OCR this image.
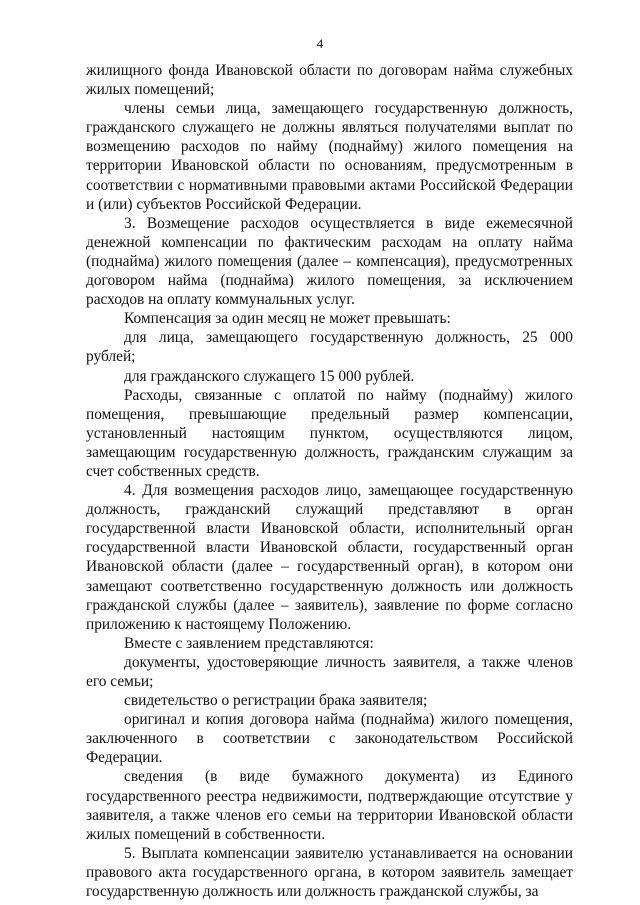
4

жилищного фонда Ивановской области по договорам найма служебных жилых помещений;

члены семьи лица, замещающего государственную должность, гражданского служащего не должны являться получателями выплат по возмещению расходов по найму (поднайму) жилого помещения на территории Ивановской области по основаниям, предусмотренным в соответствии с нормативными правовыми актами Российской Федерации и (или) субъектов Российской Федерации.

3. Возмещение расходов осуществляется в виде ежемесячной денежной компенсации по фактическим расходам на оплату найма (поднайма) жилого помещения (далее – компенсация), предусмотренных договором найма (поднайма) жилого помещения, за исключением расходов на оплату коммунальных услуг.

Компенсация за один месяц не может превышать:

для лица, замещающего государственную должность, 25 000 рублей;

для гражданского служащего 15 000 рублей.

Расходы, связанные с оплатой по найму (поднайму) жилого помещения, превышающие предельный размер компенсации, установленный настоящим пунктом, осуществляются лицом, замещающим государственную должность, гражданским служащим за счет собственных средств.

4. Для возмещения расходов лицо, замещающее государственную должность, гражданский служащий представляют в орган государственной власти Ивановской области, исполнительный орган государственной власти Ивановской области, государственный орган Ивановской области (далее – государственный орган), в котором они замещают соответственно государственную должность или должность гражданской службы (далее – заявитель), заявление по форме согласно приложению к настоящему Положению.

Вместе с заявлением представляются:

документы, удостоверяющие личность заявителя, а также членов его семьи;

свидетельство о регистрации брака заявителя;

оригинал и копия договора найма (поднайма) жилого помещения, заключенного в соответствии с законодательством Российской Федерации.

сведения (в виде бумажного документа) из Единого государственного реестра недвижимости, подтверждающие отсутствие у заявителя, а также членов его семьи на территории Ивановской области жилых помещений в собственности.

5. Выплата компенсации заявителю устанавливается на основании правового акта государственного органа, в котором заявитель замещает государственную должность или должность гражданской службы, за
